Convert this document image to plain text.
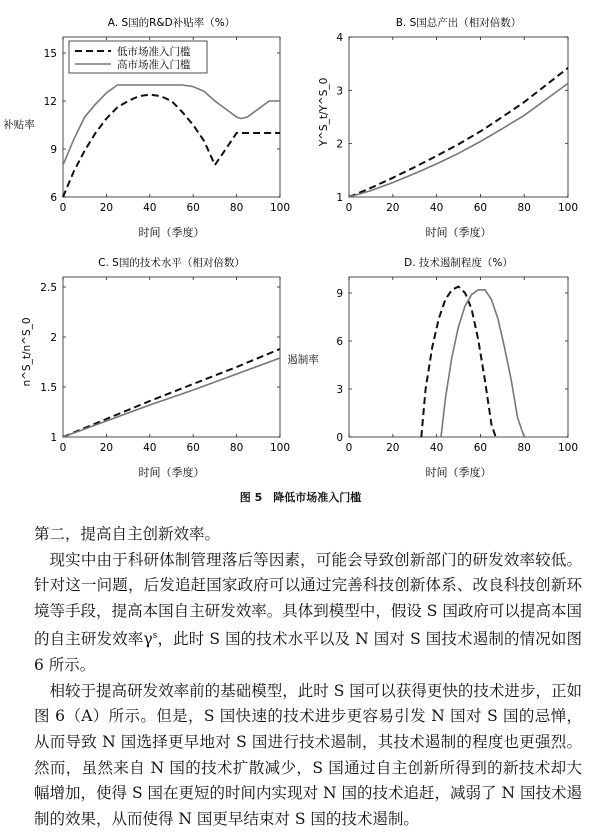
A. S国的R&D补贴率（%）
0	20	40	60	80	100
6
9
12
15
时间（季度）
补贴率
低市场准入门槛
高市场准入门槛
B. S国总产出（相对倍数）
0	20	40	60	80	100
1
2
3
4
时间（季度）
Y^S_t/Y^S_0
C. S国的技术水平（相对倍数）
0	20	40	60	80	100
1
1.5
2
2.5
时间（季度）
n^S_t/n^S_0
D. 技术遏制程度（%）
0	20	40	60	80	100
0
3
6
9
时间（季度）
遏制率
图 5　降低市场准入门槛

第二，提高自主创新效率。

现实中由于科研体制管理落后等因素，可能会导致创新部门的研发效率较低。针对这一问题，后发追赶国家政府可以通过完善科技创新体系、改良科技创新环境等手段，提高本国自主研发效率。具体到模型中，假设 S 国政府可以提高本国的自主研发效率$\gamma^s$，此时 S 国的技术水平以及 N 国对 S 国技术遏制的情况如图 6 所示。

相较于提高研发效率前的基础模型，此时 S 国可以获得更快的技术进步，正如图 6（A）所示。但是，S 国快速的技术进步更容易引发 N 国对 S 国的忌惮，从而导致 N 国选择更早地对 S 国进行技术遏制，其技术遏制的程度也更强烈。然而，虽然来自 N 国的技术扩散减少，S 国通过自主创新所得到的新技术却大幅增加，使得 S 国在更短的时间内实现对 N 国的技术追赶，减弱了 N 国技术遏制的效果，从而使得 N 国更早结束对 S 国的技术遏制。
